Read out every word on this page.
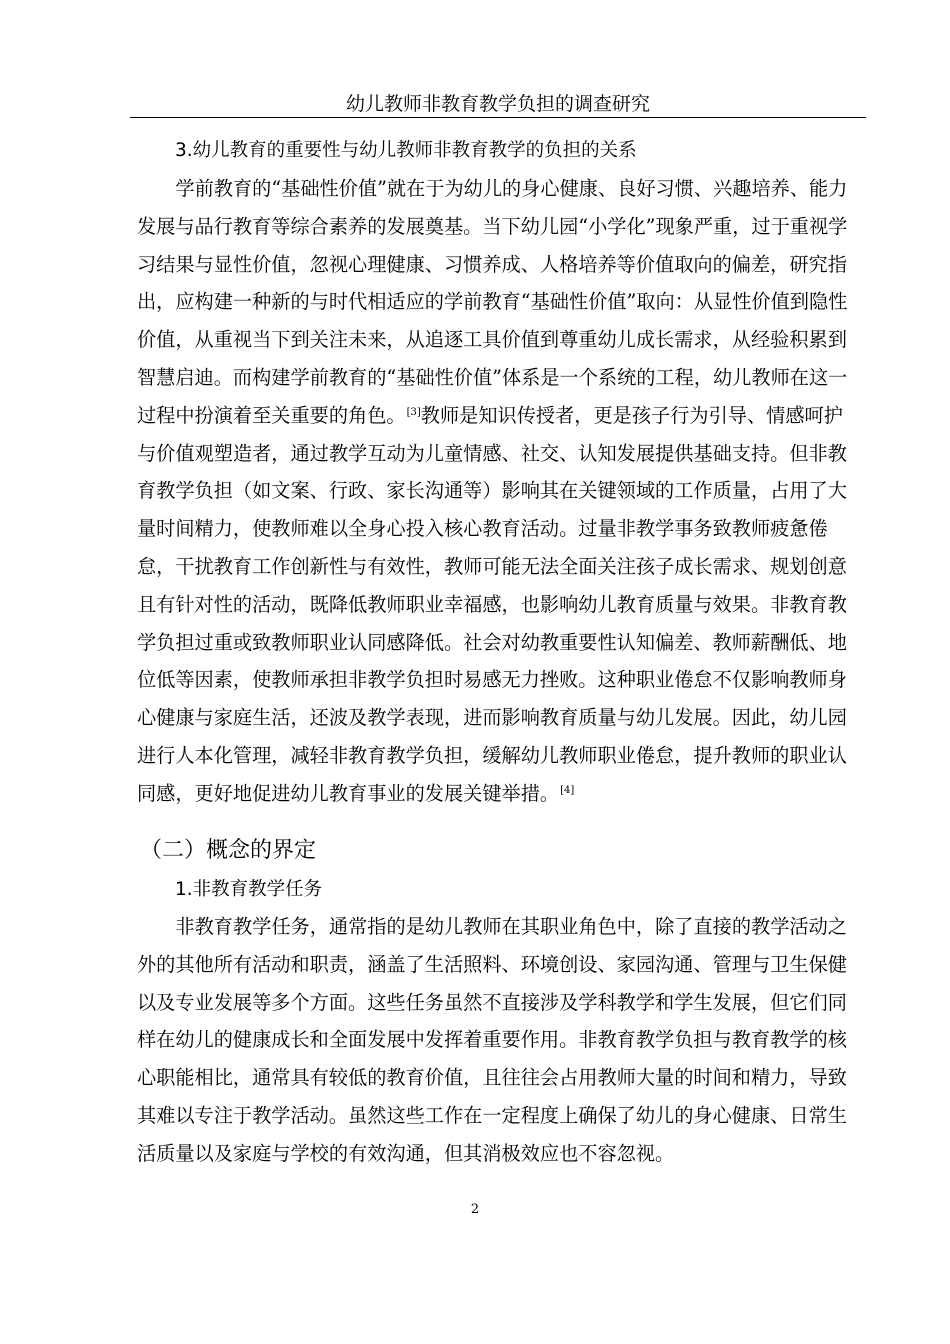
幼儿教师非教育教学负担的调查研究
3.幼儿教育的重要性与幼儿教师非教育教学的负担的关系

学前教育的“基础性价值”就在于为幼儿的身心健康、良好习惯、兴趣培养、能力发展与品行教育等综合素养的发展奠基。当下幼儿园“小学化”现象严重，过于重视学习结果与显性价值，忽视心理健康、习惯养成、人格培养等价值取向的偏差，研究指出，应构建一种新的与时代相适应的学前教育“基础性价值”取向：从显性价值到隐性价值，从重视当下到关注未来，从追逐工具价值到尊重幼儿成长需求，从经验积累到智慧启迪。而构建学前教育的“基础性价值”体系是一个系统的工程，幼儿教师在这一过程中扮演着至关重要的角色。[3]教师是知识传授者，更是孩子行为引导、情感呵护与价值观塑造者，通过教学互动为儿童情感、社交、认知发展提供基础支持。但非教育教学负担（如文案、行政、家长沟通等）影响其在关键领域的工作质量，占用了大量时间精力，使教师难以全身心投入核心教育活动。过量非教学事务致教师疲惫倦怠，干扰教育工作创新性与有效性，教师可能无法全面关注孩子成长需求、规划创意且有针对性的活动，既降低教师职业幸福感，也影响幼儿教育质量与效果。非教育教学负担过重或致教师职业认同感降低。社会对幼教重要性认知偏差、教师薪酬低、地位低等因素，使教师承担非教学负担时易感无力挫败。这种职业倦怠不仅影响教师身心健康与家庭生活，还波及教学表现，进而影响教育质量与幼儿发展。因此，幼儿园进行人本化管理，减轻非教育教学负担，缓解幼儿教师职业倦怠，提升教师的职业认同感，更好地促进幼儿教育事业的发展关键举措。[4]

（二）概念的界定
1.非教育教学任务

非教育教学任务，通常指的是幼儿教师在其职业角色中，除了直接的教学活动之外的其他所有活动和职责，涵盖了生活照料、环境创设、家园沟通、管理与卫生保健以及专业发展等多个方面。这些任务虽然不直接涉及学科教学和学生发展，但它们同样在幼儿的健康成长和全面发展中发挥着重要作用。非教育教学负担与教育教学的核心职能相比，通常具有较低的教育价值，且往往会占用教师大量的时间和精力，导致其难以专注于教学活动。虽然这些工作在一定程度上确保了幼儿的身心健康、日常生活质量以及家庭与学校的有效沟通，但其消极效应也不容忽视。

2
